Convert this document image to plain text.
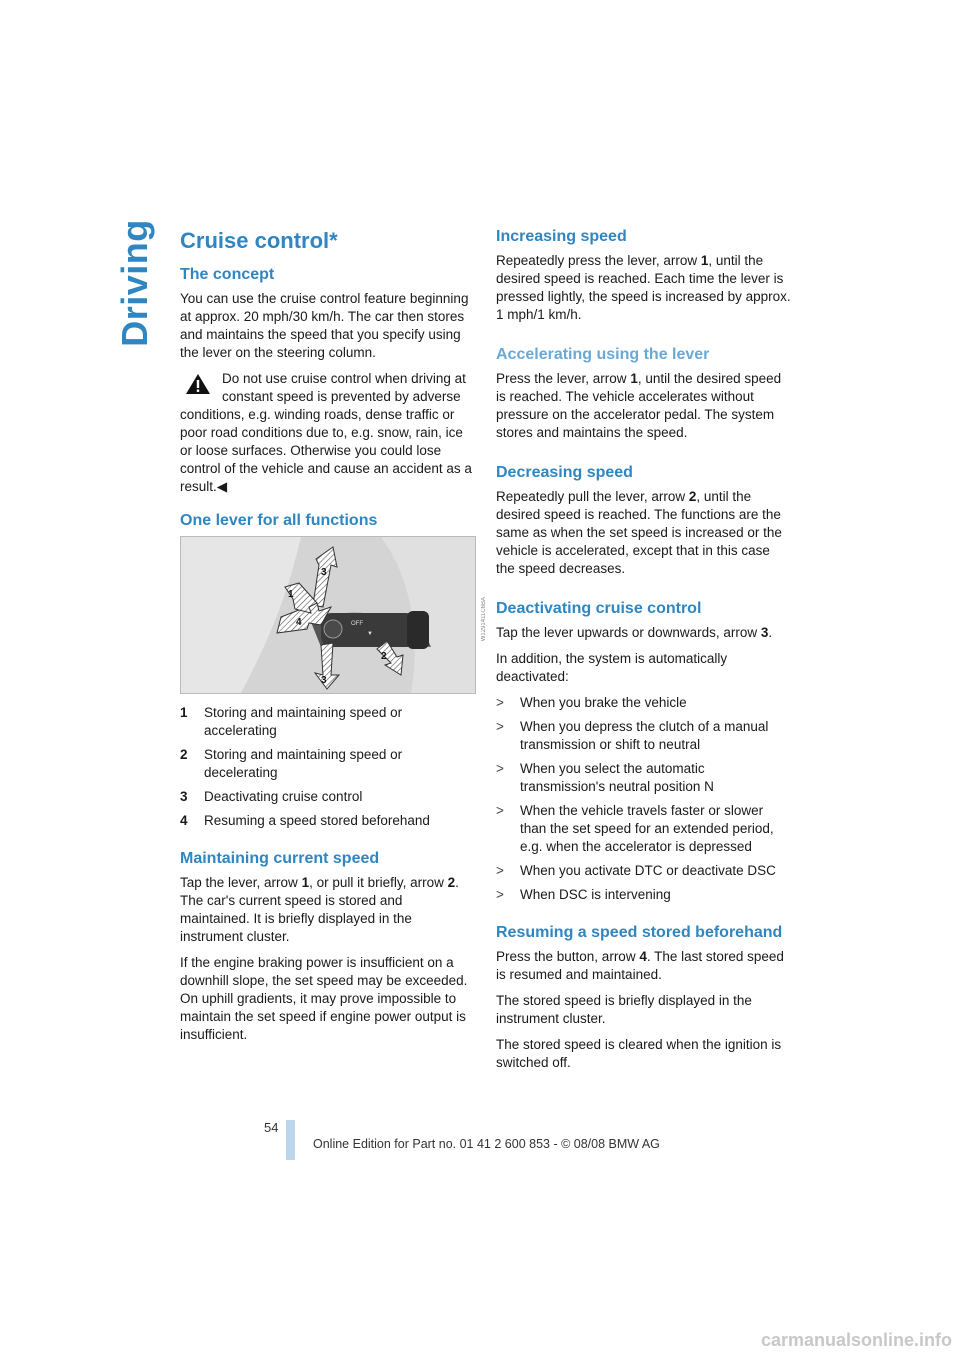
Driving Cruise control*
The concept

You can use the cruise control feature beginning at approx. 20 mph/30 km/h. The car then stores and maintains the speed that you specify using the lever on the steering column.

Do not use cruise control when driving at constant speed is prevented by adverse conditions, e.g. winding roads, dense traffic or poor road conditions due to, e.g. snow, rain, ice or loose surfaces. Otherwise you could lose control of the vehicle and cause an accident as a result.◀
One lever for all functions
OFF
▼
3
1
4
2
3
W1291411C6BA
1	Storing and maintaining speed or accelerating
2	Storing and maintaining speed or decelerating
3	Deactivating cruise control
4	Resuming a speed stored beforehand
Maintaining current speed

Tap the lever, arrow 1, or pull it briefly, arrow 2. The car's current speed is stored and maintained. It is briefly displayed in the instrument cluster.

If the engine braking power is insufficient on a downhill slope, the set speed may be exceeded. On uphill gradients, it may prove impossible to maintain the set speed if engine power output is insufficient.

Increasing speed

Repeatedly press the lever, arrow 1, until the desired speed is reached. Each time the lever is pressed lightly, the speed is increased by approx. 1 mph/1 km/h.

Accelerating using the lever

Press the lever, arrow 1, until the desired speed is reached. The vehicle accelerates without pressure on the accelerator pedal. The system stores and maintains the speed.

Decreasing speed

Repeatedly pull the lever, arrow 2, until the desired speed is reached. The functions are the same as when the set speed is increased or the vehicle is accelerated, except that in this case the speed decreases.

Deactivating cruise control

Tap the lever upwards or downwards, arrow 3.

In addition, the system is automatically deactivated:

>	When you brake the vehicle
>	When you depress the clutch of a manual transmission or shift to neutral
>	When you select the automatic transmission's neutral position N
>	When the vehicle travels faster or slower than the set speed for an extended period, e.g. when the accelerator is depressed
>	When you activate DTC or deactivate DSC
>	When DSC is intervening
Resuming a speed stored beforehand

Press the button, arrow 4. The last stored speed is resumed and maintained.

The stored speed is briefly displayed in the instrument cluster.

The stored speed is cleared when the ignition is switched off.

54
Online Edition for Part no. 01 41 2 600 853 - © 08/08 BMW AG
carmanualsonline.info
